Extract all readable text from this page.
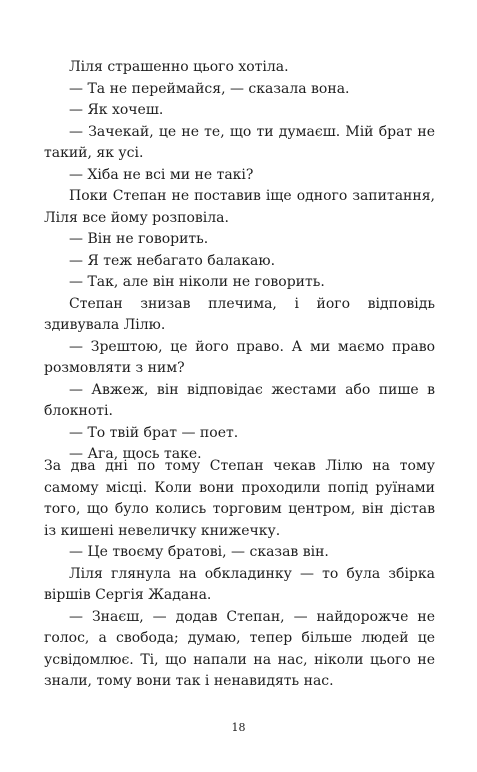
Ліля страшенно цього хотіла.

— Та не переймайся, — сказала вона.

— Як хочеш.

— Зачекай, це не те, що ти думаєш. Мій брат не такий, як усі.

— Хіба не всі ми не такі?

Поки Степан не поставив іще одного запитання, Ліля все йому розповіла.

— Він не говорить.

— Я теж небагато балакаю.

— Так, але він ніколи не говорить.

Степан знизав плечима, і його відповідь здивувала Лілю.

— Зрештою, це його право. А ми маємо право розмовляти з ним?

— Авжеж, він відповідає жестами або пише в блокноті.

— То твій брат — поет.

— Ага, щось таке.

За два дні по тому Степан чекав Лілю на тому самому місці. Коли вони проходили попід руїнами того, що було колись торговим центром, він дістав із кишені невеличку книжечку.

— Це твоєму братові, — сказав він.

Ліля глянула на обкладинку — то була збірка віршів Сергія Жадана.

— Знаєш, — додав Степан, — найдорожче не голос, а свобода; думаю, тепер більше людей це усвідомлює. Ті, що напали на нас, ніколи цього не знали, тому вони так і ненавидять нас.

18
